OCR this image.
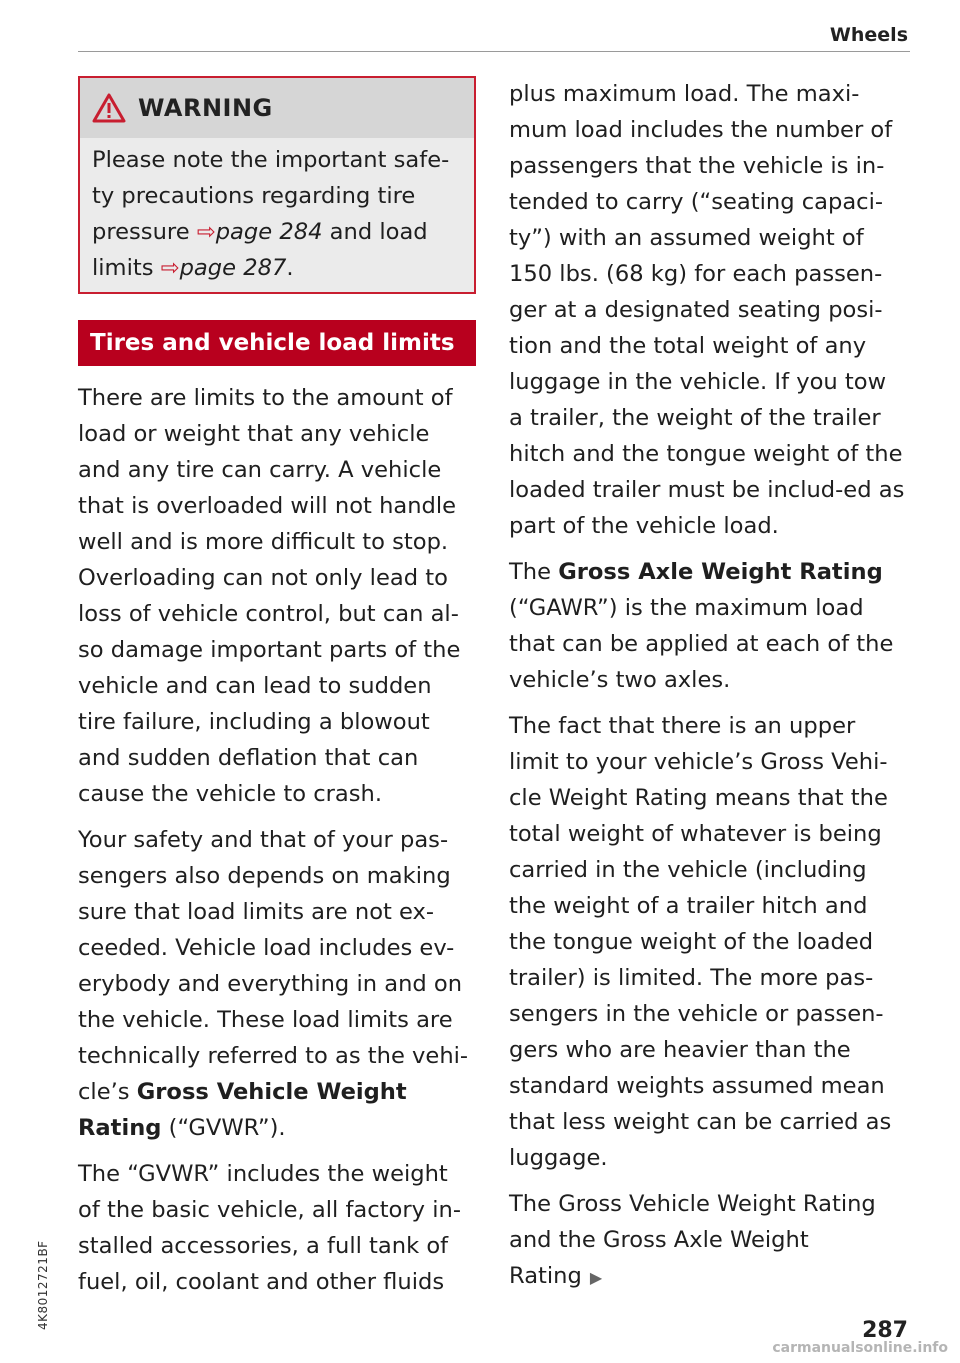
Wheels
WARNING

Please note the important safe-ty precautions regarding tire pressure ⇨page 284 and load limits ⇨page 287.

Tires and vehicle load limits

There are limits to the amount of load or weight that any vehicle and any tire can carry. A vehicle that is overloaded will not handle well and is more difficult to stop. Overloading can not only lead to loss of vehicle control, but can al-so damage important parts of the vehicle and can lead to sudden tire failure, including a blowout and sudden deflation that can cause the vehicle to crash.

Your safety and that of your pas-sengers also depends on making sure that load limits are not ex-ceeded. Vehicle load includes ev-erybody and everything in and on the vehicle. These load limits are technically referred to as the vehi-cle’s Gross Vehicle Weight Rating (“GVWR”).

The “GVWR” includes the weight of the basic vehicle, all factory in-stalled accessories, a full tank of fuel, oil, coolant and other fluids

plus maximum load. The maxi-mum load includes the number of passengers that the vehicle is in-tended to carry (“seating capaci-ty”) with an assumed weight of 150 lbs. (68 kg) for each passen-ger at a designated seating posi-tion and the total weight of any luggage in the vehicle. If you tow a trailer, the weight of the trailer hitch and the tongue weight of the loaded trailer must be includ-ed as part of the vehicle load.

The Gross Axle Weight Rating (“GAWR”) is the maximum load that can be applied at each of the vehicle’s two axles.

The fact that there is an upper limit to your vehicle’s Gross Vehi-cle Weight Rating means that the total weight of whatever is being carried in the vehicle (including the weight of a trailer hitch and the tongue weight of the loaded trailer) is limited. The more pas-sengers in the vehicle or passen-gers who are heavier than the standard weights assumed mean that less weight can be carried as luggage.

The Gross Vehicle Weight Rating and the Gross Axle Weight Rating ▶

4K8012721BF
287
carmanualsonline.info
